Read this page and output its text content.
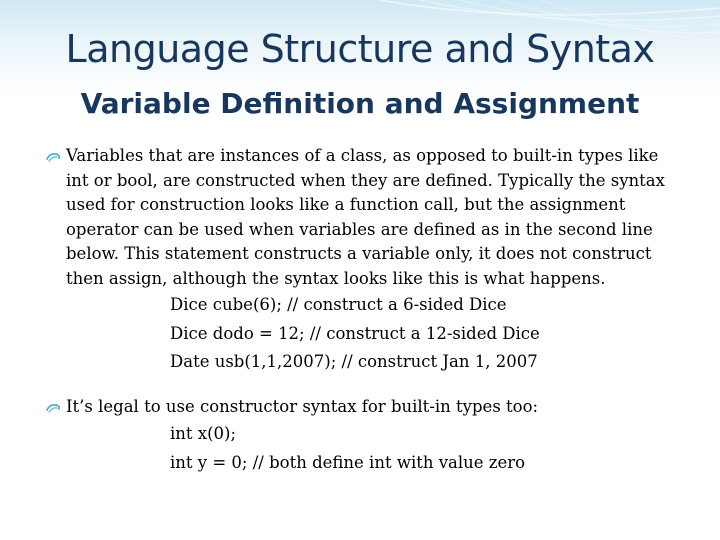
Language Structure and Syntax
Variable Definition and Assignment

Variables that are instances of a class, as opposed to built-in types like int or bool, are constructed when they are defined. Typically the syntax used for construction looks like a function call, but the assignment operator can be used when variables are defined as in the second line below. This statement constructs a variable only, it does not construct then assign, although the syntax looks like this is what happens.

Dice cube(6); // construct a 6-sided Dice
Dice dodo = 12; // construct a 12-sided Dice
Date usb(1,1,2007); // construct Jan 1, 2007

It’s legal to use constructor syntax for built-in types too:

int x(0);
int y = 0; // both define int with value zero
